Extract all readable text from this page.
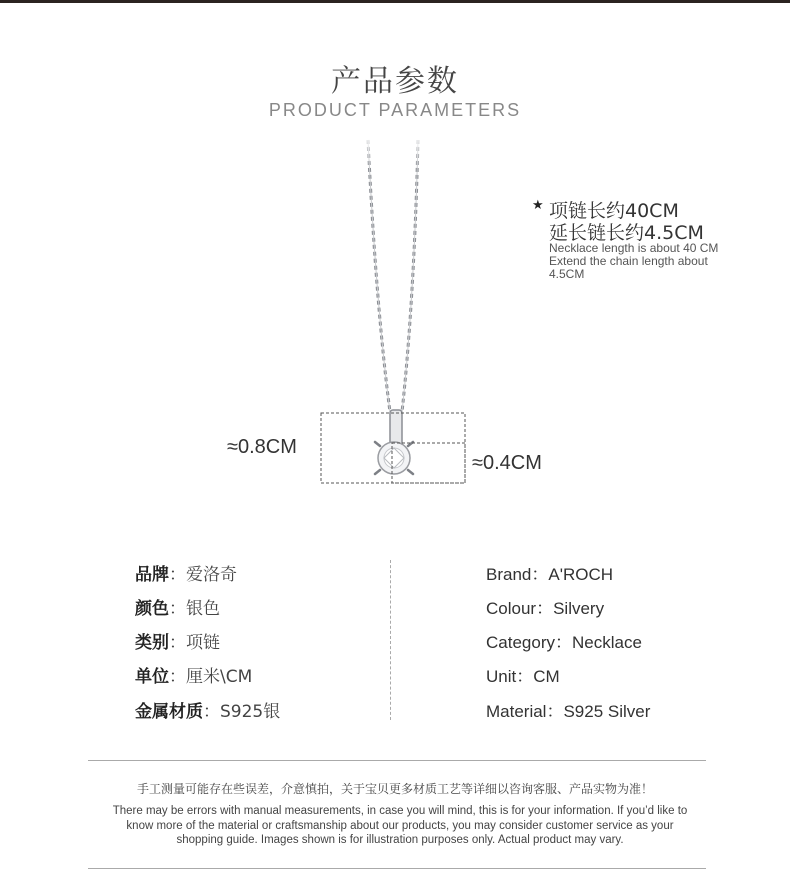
产品参数
PRODUCT PARAMETERS
★ 项链长约40CM
延长链长约4.5CM
Necklace length is about 40 CM Extend the chain length about 4.5CM
≈0.8CM
≈0.4CM
品牌：爱洛奇
颜色：银色
类别：项链
单位：厘米\CM
金属材质：S925银
Brand：A'ROCH
Colour：Silvery
Category：Necklace
Unit：CM
Material：S925 Silver
手工测量可能存在些误差，介意慎拍，关于宝贝更多材质工艺等详细以咨询客服、产品实物为准！
There may be errors with manual measurements, in case you will mind, this is for your information. If you’d like to know more of the material or craftsmanship about our products, you may consider customer service as your shopping guide. Images shown is for illustration purposes only. Actual product may vary.
